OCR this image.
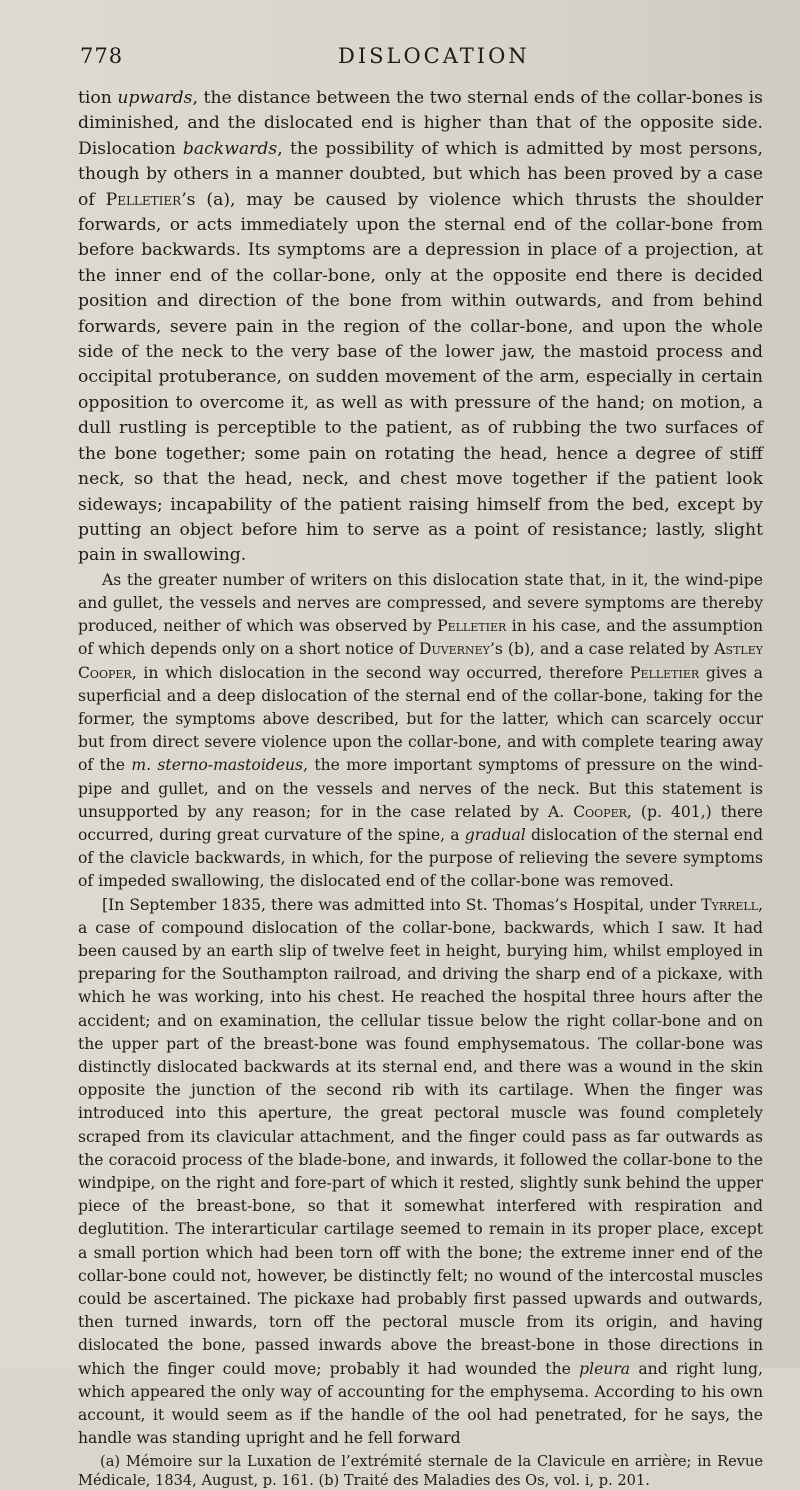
778	DISLOCATION

tion upwards, the distance between the two sternal ends of the collar-bones is diminished, and the dislocated end is higher than that of the opposite side. Dislocation backwards, the possibility of which is admitted by most persons, though by others in a manner doubted, but which has been proved by a case of Pelletier’s (a), may be caused by violence which thrusts the shoulder forwards, or acts immediately upon the sternal end of the collar-bone from before backwards. Its symptoms are a depression in place of a projection, at the inner end of the collar-bone, only at the opposite end there is decided position and direction of the bone from within outwards, and from behind forwards, severe pain in the region of the collar-bone, and upon the whole side of the neck to the very base of the lower jaw, the mastoid process and occipital protuberance, on sudden movement of the arm, especially in certain opposition to overcome it, as well as with pressure of the hand; on motion, a dull rustling is perceptible to the patient, as of rubbing the two surfaces of the bone together; some pain on rotating the head, hence a degree of stiff neck, so that the head, neck, and chest move together if the patient look sideways; incapability of the patient raising himself from the bed, except by putting an object before him to serve as a point of resistance; lastly, slight pain in swallowing.

As the greater number of writers on this dislocation state that, in it, the wind-pipe and gullet, the vessels and nerves are compressed, and severe symptoms are thereby produced, neither of which was observed by Pelletier in his case, and the assumption of which depends only on a short notice of Duverney’s (b), and a case related by Astley Cooper, in which dislocation in the second way occurred, therefore Pelletier gives a superficial and a deep dislocation of the sternal end of the collar-bone, taking for the former, the symptoms above described, but for the latter, which can scarcely occur but from direct severe violence upon the collar-bone, and with complete tearing away of the m. sterno-mastoideus, the more important symptoms of pressure on the wind-pipe and gullet, and on the vessels and nerves of the neck. But this statement is unsupported by any reason; for in the case related by A. Cooper, (p. 401,) there occurred, during great curvature of the spine, a gradual dislocation of the sternal end of the clavicle backwards, in which, for the purpose of relieving the severe symptoms of impeded swallowing, the dislocated end of the collar-bone was removed.

[In September 1835, there was admitted into St. Thomas’s Hospital, under Tyrrell, a case of compound dislocation of the collar-bone, backwards, which I saw. It had been caused by an earth slip of twelve feet in height, burying him, whilst employed in preparing for the Southampton railroad, and driving the sharp end of a pickaxe, with which he was working, into his chest. He reached the hospital three hours after the accident; and on examination, the cellular tissue below the right collar-bone and on the upper part of the breast-bone was found emphysematous. The collar-bone was distinctly dislocated backwards at its sternal end, and there was a wound in the skin opposite the junction of the second rib with its cartilage. When the finger was introduced into this aperture, the great pectoral muscle was found completely scraped from its clavicular attachment, and the finger could pass as far outwards as the coracoid process of the blade-bone, and inwards, it followed the collar-bone to the windpipe, on the right and fore-part of which it rested, slightly sunk behind the upper piece of the breast-bone, so that it somewhat interfered with respiration and deglutition. The interarticular cartilage seemed to remain in its proper place, except a small portion which had been torn off with the bone; the extreme inner end of the collar-bone could not, however, be distinctly felt; no wound of the intercostal muscles could be ascertained. The pickaxe had probably first passed upwards and outwards, then turned inwards, torn off the pectoral muscle from its origin, and having dislocated the bone, passed inwards above the breast-bone in those directions in which the finger could move; probably it had wounded the pleura and right lung, which appeared the only way of accounting for the emphysema. According to his own account, it would seem as if the handle of the ool had penetrated, for he says, the handle was standing upright and he fell forward

(a) Mémoire sur la Luxation de l’extrémité sternale de la Clavicule en arrière; in Revue Médicale, 1834, August, p. 161. (b) Traité des Maladies des Os, vol. i, p. 201.
